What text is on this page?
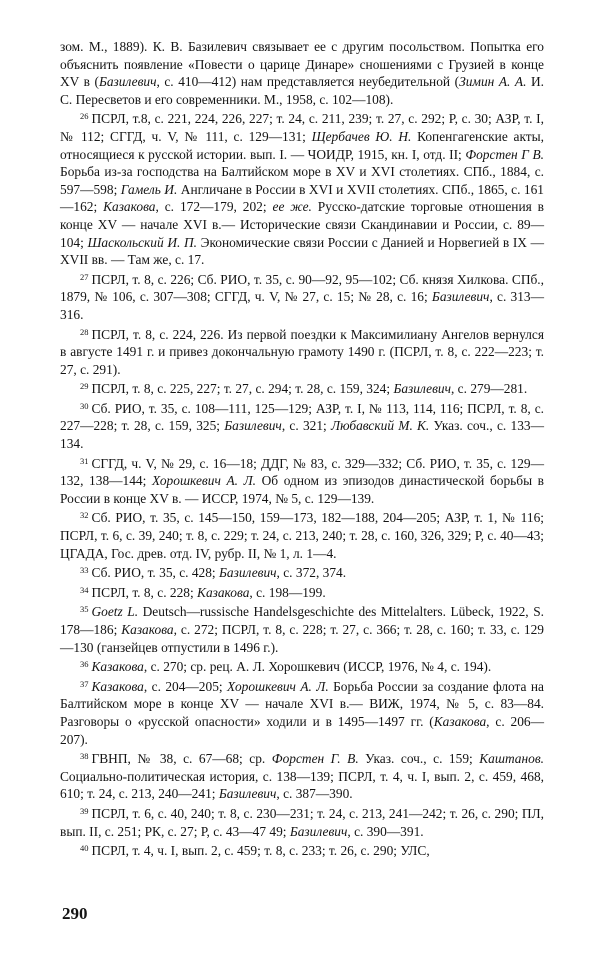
зом. М., 1889). К. В. Базилевич связывает ее с другим посольством. Попытка его объяснить появление «Повести о царице Динаре» сношениями с Грузией в конце XV в (Базилевич, с. 410—412) нам представляется неубедительной (Зимин А. А. И. С. Пересветов и его современники. М., 1958, с. 102—108).

$^{26}$ ПСРЛ, т.8, с. 221, 224, 226, 227; т. 24, с. 211, 239; т. 27, с. 292; Р, с. 30; АЗР, т. I, № 112; СГГД, ч. V, № 111, с. 129—131; Щербачев Ю. Н. Копенгагенские акты, относящиеся к русской истории. вып. I. — ЧОИДР, 1915, кн. I, отд. II; Форстен Г В. Борьба из-за господства на Балтийском море в XV и XVI столетиях. СПб., 1884, с. 597—598; Гамель И. Англичане в России в XVI и XVII столетиях. СПб., 1865, с. 161—162; Казакова, с. 172—179, 202; ее же. Русско-датские торговые отношения в конце XV — начале XVI в.— Исторические связи Скандинавии и России, с. 89—104; Шаскольский И. П. Экономические связи России с Данией и Норвегией в IX — XVII вв. — Там же, с. 17.

$^{27}$ ПСРЛ, т. 8, с. 226; Сб. РИО, т. 35, с. 90—92, 95—102; Сб. князя Хилкова. СПб., 1879, № 106, с. 307—308; СГГД, ч. V, № 27, с. 15; № 28, с. 16; Базилевич, с. 313—316.

$^{28}$ ПСРЛ, т. 8, с. 224, 226. Из первой поездки к Максимилиану Ангелов вернулся в августе 1491 г. и привез докончальную грамоту 1490 г. (ПСРЛ, т. 8, с. 222—223; т. 27, с. 291).

$^{29}$ ПСРЛ, т. 8, с. 225, 227; т. 27, с. 294; т. 28, с. 159, 324; Базилевич, с. 279—281.

$^{30}$ Сб. РИО, т. 35, с. 108—111, 125—129; АЗР, т. I, № 113, 114, 116; ПСРЛ, т. 8, с. 227—228; т. 28, с. 159, 325; Базилевич, с. 321; Любавский М. К. Указ. соч., с. 133—134.

$^{31}$ СГГД, ч. V, № 29, с. 16—18; ДДГ, № 83, с. 329—332; Сб. РИО, т. 35, с. 129—132, 138—144; Хорошкевич А. Л. Об одном из эпизодов династической борьбы в России в конце XV в. — ИССР, 1974, № 5, с. 129—139.

$^{32}$ Сб. РИО, т. 35, с. 145—150, 159—173, 182—188, 204—205; АЗР, т. 1, № 116; ПСРЛ, т. 6, с. 39, 240; т. 8, с. 229; т. 24, с. 213, 240; т. 28, с. 160, 326, 329; Р, с. 40—43; ЦГАДА, Гос. древ. отд. IV, рубр. II, № 1, л. 1—4.

$^{33}$ Сб. РИО, т. 35, с. 428; Базилевич, с. 372, 374.

$^{34}$ ПСРЛ, т. 8, с. 228; Казакова, с. 198—199.

$^{35}$ Goetz L. Deutsch—russische Handelsgeschichte des Mittelalters. Lübeck, 1922, S. 178—186; Казакова, с. 272; ПСРЛ, т. 8, с. 228; т. 27, с. 366; т. 28, с. 160; т. 33, с. 129—130 (ганзейцев отпустили в 1496 г.).

$^{36}$ Казакова, с. 270; ср. рец. А. Л. Хорошкевич (ИССР, 1976, № 4, с. 194).

$^{37}$ Казакова, с. 204—205; Хорошкевич А. Л. Борьба России за создание флота на Балтийском море в конце XV — начале XVI в.— ВИЖ, 1974, № 5, с. 83—84. Разговоры о «русской опасности» ходили и в 1495—1497 гг. (Казакова, с. 206—207).

$^{38}$ ГВНП, № 38, с. 67—68; ср. Форстен Г. В. Указ. соч., с. 159; Каштанов. Социально-политическая история, с. 138—139; ПСРЛ, т. 4, ч. I, вып. 2, с. 459, 468, 610; т. 24, с. 213, 240—241; Базилевич, с. 387—390.

$^{39}$ ПСРЛ, т. 6, с. 40, 240; т. 8, с. 230—231; т. 24, с. 213, 241—242; т. 26, с. 290; ПЛ, вып. II, с. 251; РК, с. 27; Р, с. 43—47 49; Базилевич, с. 390—391.

$^{40}$ ПСРЛ, т. 4, ч. I, вып. 2, с. 459; т. 8, с. 233; т. 26, с. 290; УЛС,

290
